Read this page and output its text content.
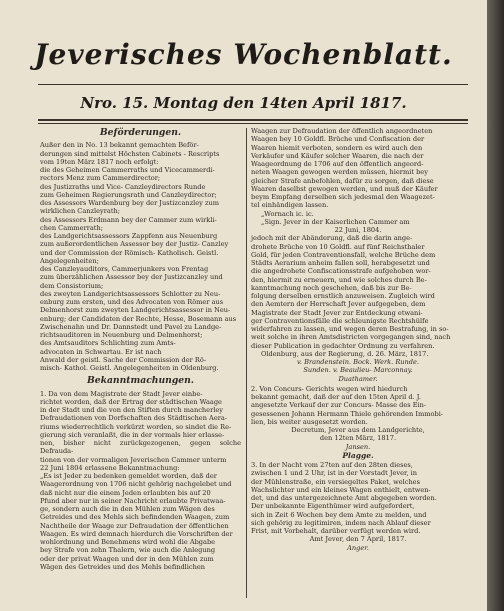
Jeverisches Wochenblatt.
Nro. 15. Montag den 14ten April 1817.
Beförderungen.

Außer den in No. 13 bekannt gemachten Beför-

derungen sind mittelst Höchsten Cabinets - Rescripts

vom 19ten März 1817 noch erfolgt:

die des Geheimen Cammerraths und Vicecammerdi-

rectors Menz zum Cammerdirector;

des Justizraths und Vice- Canzleydirectors Runde

zum Geheimen Regierungsrath und Canzleydirector;

des Assessors Wardenburg bey der Justizcanzley zum

wirklichen Canzleyrath;

des Assessors Erdmann bey der Cammer zum wirkli-

chen Cammerrath;

des Landgerichtsassessors Zappfenn aus Neuenburg

zum außerordentlichen Assessor bey der Justiz- Canzley

und der Commission der Römisch- Katholisch. Geistl.

Angelegenheiten;

des Canzleyauditors, Cammerjunkers von Frentag

zum überzählichen Assessor bey der Justizcanzley und

dem Consistorium;

des zweyten Landgerichtsassessors Schlotter zu Neu-

enburg zum ersten, und des Advocaten von Römer aus

Delmenhorst zum zweyten Landgerichtsassessor in Neu-

enburg; der Candidaten der Rechte, Hesse, Bosemann aus

Zwischenahn und Dr. Dannstedt und Pavel zu Landge-

richtsauditoren in Neuenburg und Delmenhorst;

des Amtsauditors Schlichting zum Amts-

advocaten in Schwartau. Er ist nach

Anwald der geistl. Sache der Commission der Rö-

misch- Kathol. Geistl. Angelegenheiten in Oldenburg.

Bekanntmachungen.

1. Da von dem Magistrate der Stadt Jever einbe-

richtet worden, daß der Ertrag der städtischen Waage

in der Stadt und die von den Stiften durch mancherley

Defraudationen von Dorfschaften des Städtischen Aera-

riums wiederrechtlich verkürzt worden, so sindet die Re-

gierung sich veranlaßt, die in der vormals hier erlasse-

nen, bisher nicht zurückgezogenen, gegen solche Defrauda-

tionen von der vormaligen Jeverischen Cammer unterm

22 Juni 1804 erlassene Bekanntmachung:

„Es ist Jeder zu bedenken gemeldet worden, daß der

Waagerordnung von 1706 nicht gehörig nachgelebet und

daß nicht nur die einem Jeden erlaubten bis auf 20

Pfund aber nur in seiner Nachricht erlaubte Privatwaa-

ge, sondern auch die in den Mühlen zum Wägen des

Getreides und des Mehls sich befindenden Waagen, zum

Nachtheile der Waage zur Defraudation der öffentlichen

Waagen. Es wird demnach hierdurch die Vorschriften der

wohlordnung und Benehmens wird wohl die Abgabe

bey Strafe von zehn Thalern, wie auch die Anlegung

oder der privat Waagen und der in den Mühlen zum

Wägen des Getreides und des Mehls befindlichen

Waagen zur Defraudation der öffentlich angeordneten

Waagen bey 10 Goldfl. Brüche und Confiscation der

Waaren hiemit verboten, sondern es wird auch den

Verkäufer und Käufer solcher Waaren, die nach der

Waageordnung de 1706 auf den öffentlich angeord-

neten Waagen gewogen werden müssen, hiermit bey

gleicher Strafe anbefohlen, dafür zu sorgen, daß diese

Waaren daselbst gewogen werden, und muß der Käufer

beym Empfang derselben sich jedesmal den Waagezet-

tel einhändigen lassen.

„Wornach ic. ic.

„Sign. Jever in der Kaiserlichen Cammer am

22 Juni, 1804.

jedoch mit der Abänderung, daß die darin ange-

drohete Brüche von 10 Goldfl. auf fünf Reichsthaler

Gold, für jeden Contraventionsfall, welche Brüche dem

Städts Aerarium anheim fallen soll, herabgesetzt und

die angedrohete Confiscationsstrafe aufgehoben wor-

den, hiermit zu erneuern, und wie solches durch Be-

kanntmachung noch geschehen, daß bis zur Be-

folgung derselben ernstlich anzuweisen. Zugleich wird

den Aemtern der Herrschaft Jever aufgegeben, dem

Magistrate der Stadt Jever zur Entdeckung etwani-

ger Contraventionsfälle die schleunigste Rechtshülfe

widerfahren zu lassen, und wegen deren Bestrafung, in so-

weit solche in ihren Amtsdistricten vorgegangen sind, nach

dieser Publication in gedachter Ordnung zu verfahren.

Oldenburg, aus der Regierung, d. 26. März, 1817.

v. Brandenstein. Bock. Werk. Runde.

Sunden. v. Beaulieu- Marconnay.

Duathamer.

2. Von Concurs- Gerichts wegen wird hiedurch

bekannt gemacht, daß der auf den 15ten April d. J.

angesetzte Verkauf der zur Concurs- Masse des Ein-

gesessenen Johann Hermann Thiele gehörenden Immobi-

lien, bis weiter ausgesetzt worden.

Decretum, Jever aus dem Landgerichte,

den 12ten März, 1817.

Jansen.

Plagge.

3. In der Nacht vom 27ten auf den 28ten dieses,

zwischen 1 und 2 Uhr, ist in der Vorstadt Jever, in

der Mühlenstraße, ein versiegeltes Paket, welches

Wachslichter und ein kleines Wagen enthielt, entwen-

det, und das untergezeichnete Amt abgegeben worden.

Der unbekannte Eigenthümer wird aufgefordert,

sich in Zeit 6 Wochen bey dem Amte zu melden, und

sich gehörig zu legitimiren, indem nach Ablauf dieser

Frist, mit Vorbehalt, darüber verfügt werden wird.

Amt Jever, den 7 April, 1817.

Anger.
